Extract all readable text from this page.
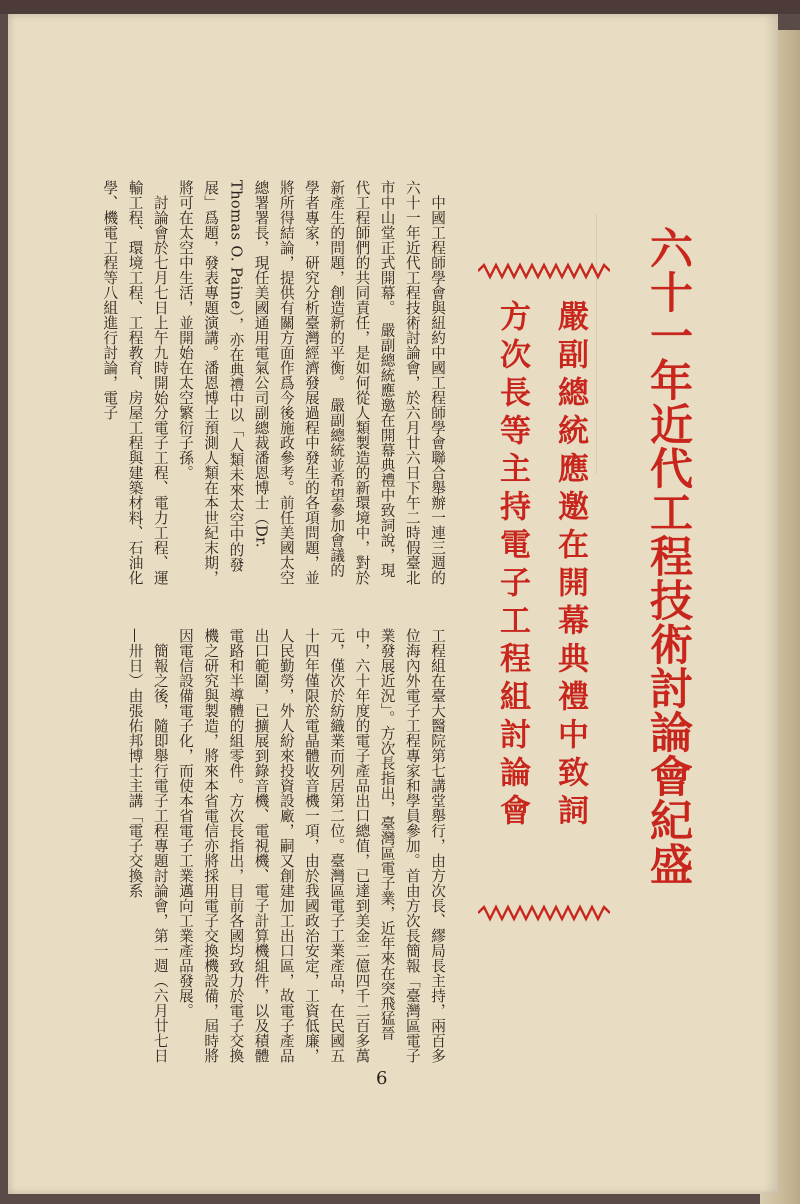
六十一年近代工程技術討論會紀盛
嚴副總統應邀在開幕典禮中致詞
方次長等主持電子工程組討論會
　中國工程師學會與紐約中國工程師學會聯合舉辦一連三週的六十一年近代工程技術討論會，於六月廿六日下午二時假臺北市中山堂正式開幕。　嚴副總統應邀在開幕典禮中致詞說，現代工程師們的共同責任，是如何從人類製造的新環境中，對於新產生的問題，創造新的平衡。　嚴副總統並希望參加會議的學者專家，研究分析臺灣經濟發展過程中發生的各項問題，並將所得結論，提供有關方面作爲今後施政參考。前任美國太空總署署長，現任美國通用電氣公司副總裁潘恩博士（Dr. Thomas O. Paine），亦在典禮中以「人類未來太空中的發展」爲題，發表專題演講。潘恩博士預測人類在本世紀末期，將可在太空中生活，並開始在太空繁衍子孫。
　討論會於七月七日上午九時開始分電子工程、電力工程、運輸工程、環境工程、工程教育、房屋工程與建築材料、石油化學、機電工程等八組進行討論，電子
工程組在臺大醫院第七講堂舉行，由方次長、繆局長主持，兩百多位海內外電子工程專家和學員參加。首由方次長簡報「臺灣區電子業發展近況」。方次長指出，臺灣區電子業，近年來在突飛猛晉中，六十年度的電子產品出口總值，已達到美金二億四千二百多萬元，僅次於紡織業而列居第二位。臺灣區電子工業產品，在民國五十四年僅限於電晶體收音機一項，由於我國政治安定，工資低廉，人民勤勞，外人紛來投資設廠，嗣又創建加工出口區，故電子產品出口範圍，已擴展到錄音機、電視機、電子計算機組件，以及積體電路和半導體的組零件。方次長指出，目前各國均致力於電子交換機之研究與製造，將來本省電信亦將採用電子交換機設備，屆時將因電信設備電子化，而使本省電子工業邁向工業產品發展。
　簡報之後，隨即舉行電子工程專題討論會，第一週（六月廿七日—卅日）由張佑邦博士主講「電子交換系
6
